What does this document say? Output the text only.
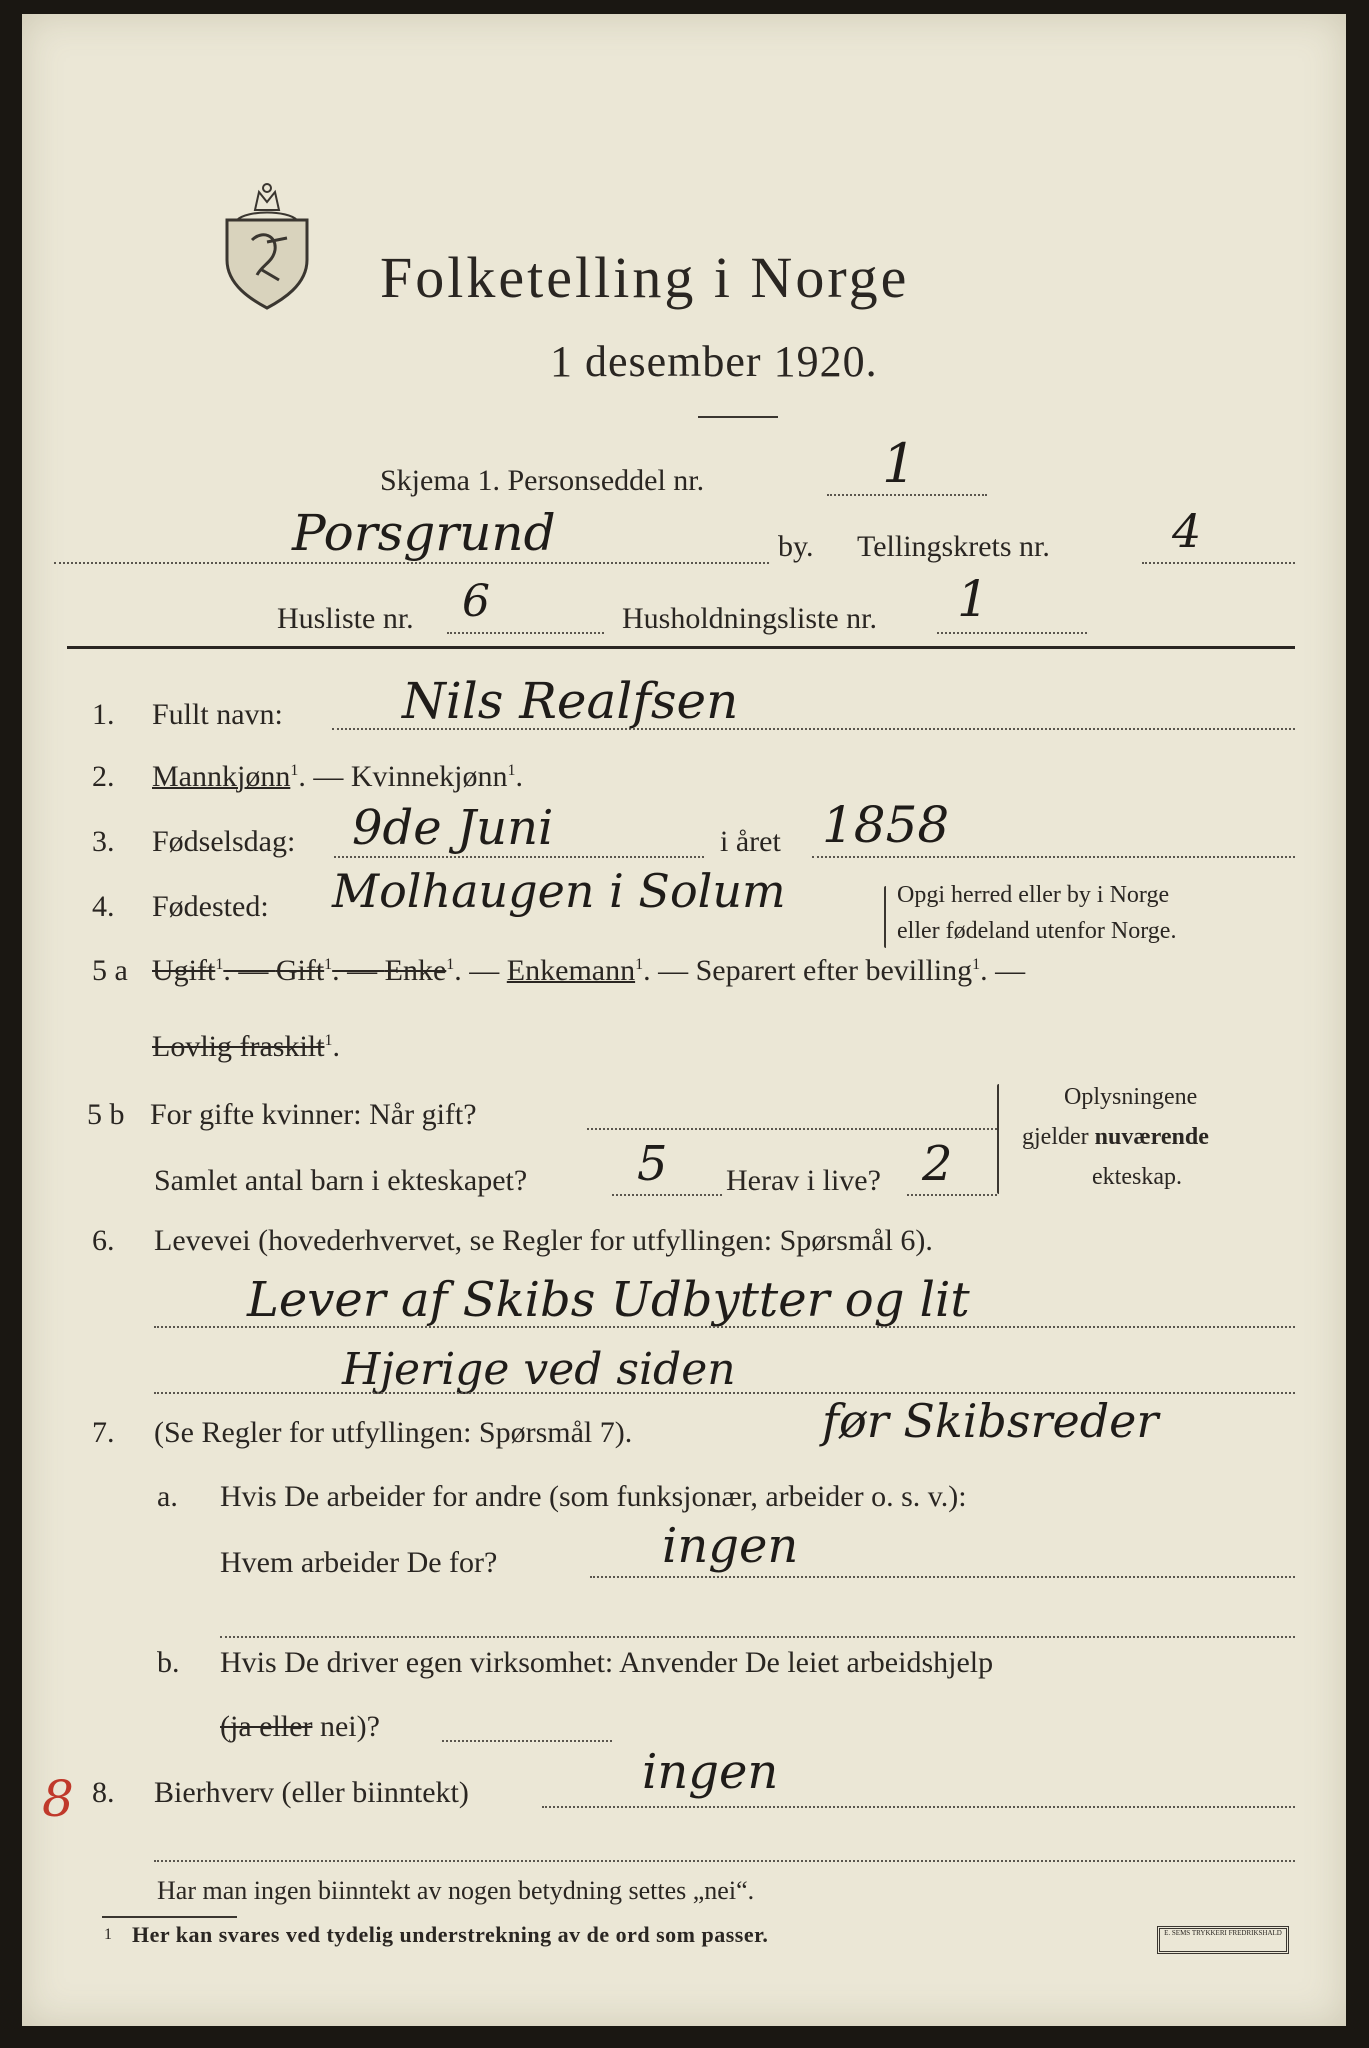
Folketelling i Norge
1 desember 1920.
Skjema 1. Personseddel nr.	1
Porsgrund	by. Tellingskrets nr.	4
Husliste nr. 6	Husholdningsliste nr. 1
1. Fullt navn: Nils Realfsen
2. Mannkjønn$^1$. — Kvinnekjønn$^1$.
3. Fødselsdag: 9de Juni	i året 1858
4. Fødested: Molhaugen i Solum	Opgi herred eller by i Norge
eller fødeland utenfor Norge.
5 a Ugift$^1$. — Gift$^1$. — Enke$^1$. — Enkemann$^1$. — Separert efter bevilling$^1$. —
Lovlig fraskilt$^1$.
5 b For gifte kvinner: Når gift?
Samlet antal barn i ekteskapet? 5 Herav i live? 2
Oplysningene
gjelder nuværende
ekteskap.
6. Levevei (hovederhvervet, se Regler for utfyllingen: Spørsmål 6).
Lever af Skibs Udbytter og lit
Hjerige ved siden
7. (Se Regler for utfyllingen: Spørsmål 7).	før Skibsreder
a. Hvis De arbeider for andre (som funksjonær, arbeider o. s. v.):
Hvem arbeider De for?	ingen
b. Hvis De driver egen virksomhet: Anvender De leiet arbeidshjelp
(ja eller nei)?
8 8. Bierhverv (eller biinntekt)	ingen
Har man ingen biinntekt av nogen betydning settes „nei“.
1 Her kan svares ved tydelig understrekning av de ord som passer.	E. SEMS TRYKKERI FREDRIKSHALD
